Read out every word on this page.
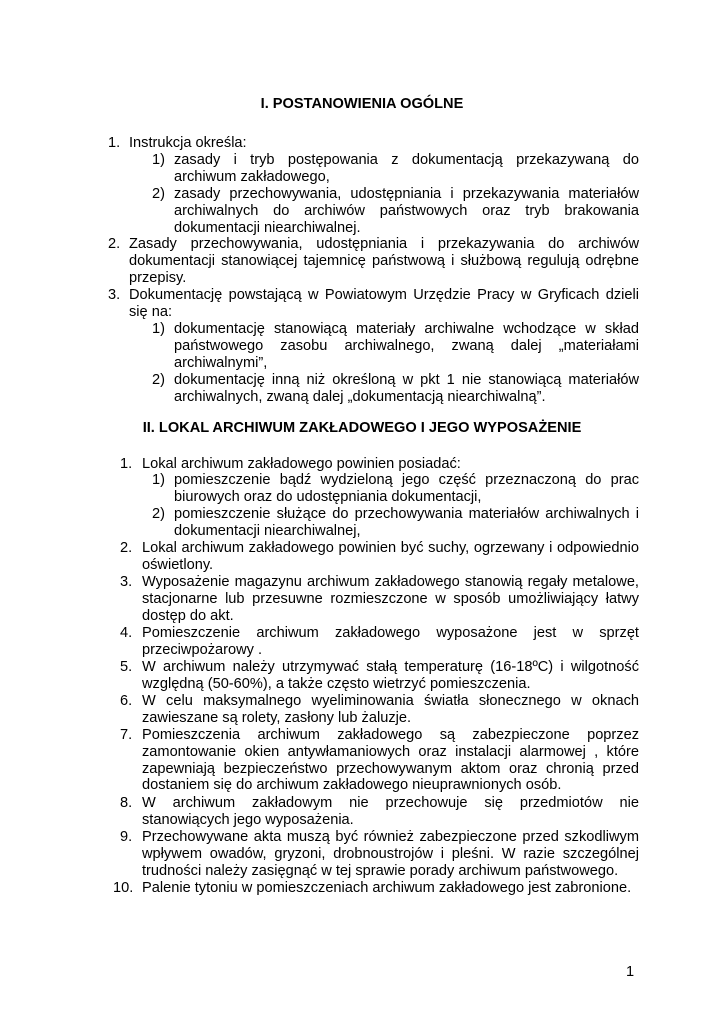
I. POSTANOWIENIA OGÓLNE
1. Instrukcja określa:
1) zasady i tryb postępowania z dokumentacją przekazywaną do archiwum zakładowego,
2) zasady przechowywania, udostępniania i przekazywania materiałów archiwalnych do archiwów państwowych oraz tryb brakowania dokumentacji niearchiwalnej.
2. Zasady przechowywania, udostępniania i przekazywania do archiwów dokumentacji stanowiącej tajemnicę państwową i służbową regulują odrębne przepisy.
3. Dokumentację powstającą w Powiatowym Urzędzie Pracy w Gryficach dzieli się na:
1) dokumentację stanowiącą materiały archiwalne wchodzące w skład państwowego zasobu archiwalnego, zwaną dalej „materiałami archiwalnymi”,
2) dokumentację inną niż określoną w pkt 1 nie stanowiącą materiałów archiwalnych, zwaną dalej „dokumentacją niearchiwalną”.
II. LOKAL ARCHIWUM ZAKŁADOWEGO I JEGO WYPOSAŻENIE
1. Lokal archiwum zakładowego powinien posiadać:
1) pomieszczenie bądź wydzieloną jego część przeznaczoną do prac biurowych oraz do udostępniania dokumentacji,
2) pomieszczenie służące do przechowywania materiałów archiwalnych i dokumentacji niearchiwalnej,
2. Lokal archiwum zakładowego powinien być suchy, ogrzewany i odpowiednio oświetlony.
3. Wyposażenie magazynu archiwum zakładowego stanowią regały metalowe, stacjonarne lub przesuwne rozmieszczone w sposób umożliwiający łatwy dostęp do akt.
4. Pomieszczenie archiwum zakładowego wyposażone jest w sprzęt przeciwpożarowy .
5. W archiwum należy utrzymywać stałą temperaturę (16-18ºC) i wilgotność względną (50-60%), a także często wietrzyć pomieszczenia.
6. W celu maksymalnego wyeliminowania światła słonecznego w oknach zawieszane są rolety, zasłony lub żaluzje.
7. Pomieszczenia archiwum zakładowego są zabezpieczone poprzez zamontowanie okien antywłamaniowych oraz instalacji alarmowej , które zapewniają bezpieczeństwo przechowywanym aktom oraz chronią przed dostaniem się do archiwum zakładowego nieuprawnionych osób.
8. W archiwum zakładowym nie przechowuje się przedmiotów nie stanowiących jego wyposażenia.
9. Przechowywane akta muszą być również zabezpieczone przed szkodliwym wpływem owadów, gryzoni, drobnoustrojów i pleśni. W razie szczególnej trudności należy zasięgnąć w tej sprawie porady archiwum państwowego.
10. Palenie tytoniu w pomieszczeniach archiwum zakładowego jest zabronione.
1
